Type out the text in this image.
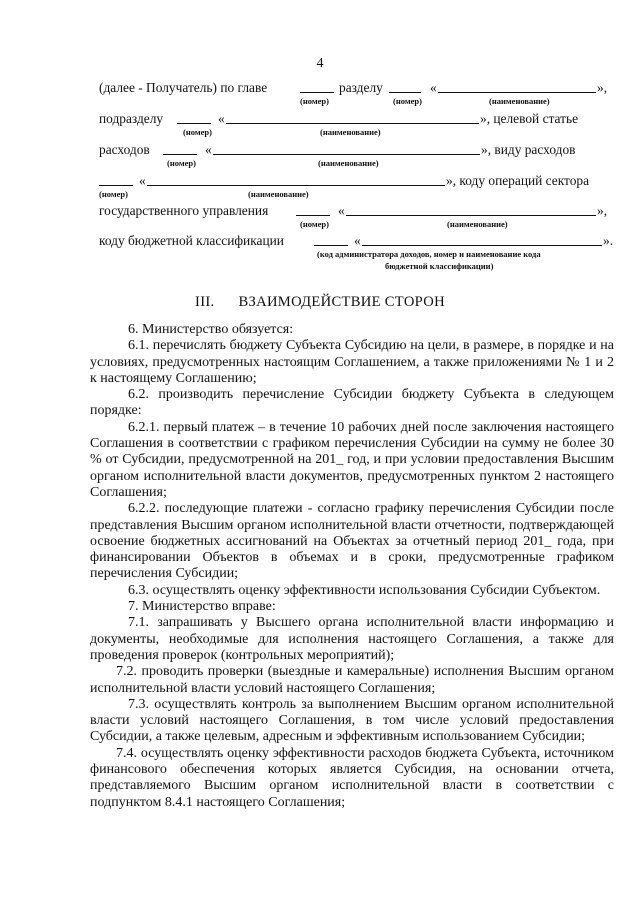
4
(далее - Получатель) по главе	разделу	«	»,
(номер)	(номер)	(наименование)
подразделу	«	», целевой статье
(номер)	(наименование)
расходов	«	», виду расходов
(номер)	(наименование)
«	», коду операций сектора
(номер)	(наименование)
государственного управления	«	»,
(номер)	(наименование)
коду бюджетной классификации	«	».
(код администратора доходов, номер и наименование кода
бюджетной классификации)
III. ВЗАИМОДЕЙСТВИЕ СТОРОН
6. Министерство обязуется:
6.1. перечислять бюджету Субъекта Субсидию на цели, в размере, в порядке и на условиях, предусмотренных настоящим Соглашением, а также приложениями № 1 и 2 к настоящему Соглашению;
6.2. производить перечисление Субсидии бюджету Субъекта в следующем порядке:
6.2.1. первый платеж – в течение 10 рабочих дней после заключения настоящего Соглашения в соответствии с графиком перечисления Субсидии на сумму не более 30 % от Субсидии, предусмотренной на 201_ год, и при условии предоставления Высшим органом исполнительной власти документов, предусмотренных пунктом 2 настоящего Соглашения;
6.2.2. последующие платежи - согласно графику перечисления Субсидии после представления Высшим органом исполнительной власти отчетности, подтверждающей освоение бюджетных ассигнований на Объектах за отчетный период 201_ года, при финансировании Объектов в объемах и в сроки, предусмотренные графиком перечисления Субсидии;
6.3. осуществлять оценку эффективности использования Субсидии Субъектом.
7. Министерство вправе:
7.1. запрашивать у Высшего органа исполнительной власти информацию и документы, необходимые для исполнения настоящего Соглашения, а также для проведения проверок (контрольных мероприятий);
7.2. проводить проверки (выездные и камеральные) исполнения Высшим органом исполнительной власти условий настоящего Соглашения;
7.3. осуществлять контроль за выполнением Высшим органом исполнительной власти условий настоящего Соглашения, в том числе условий предоставления Субсидии, а также целевым, адресным и эффективным использованием Субсидии;
7.4. осуществлять оценку эффективности расходов бюджета Субъекта, источником финансового обеспечения которых является Субсидия, на основании отчета, представляемого Высшим органом исполнительной власти в соответствии с подпунктом 8.4.1 настоящего Соглашения;
